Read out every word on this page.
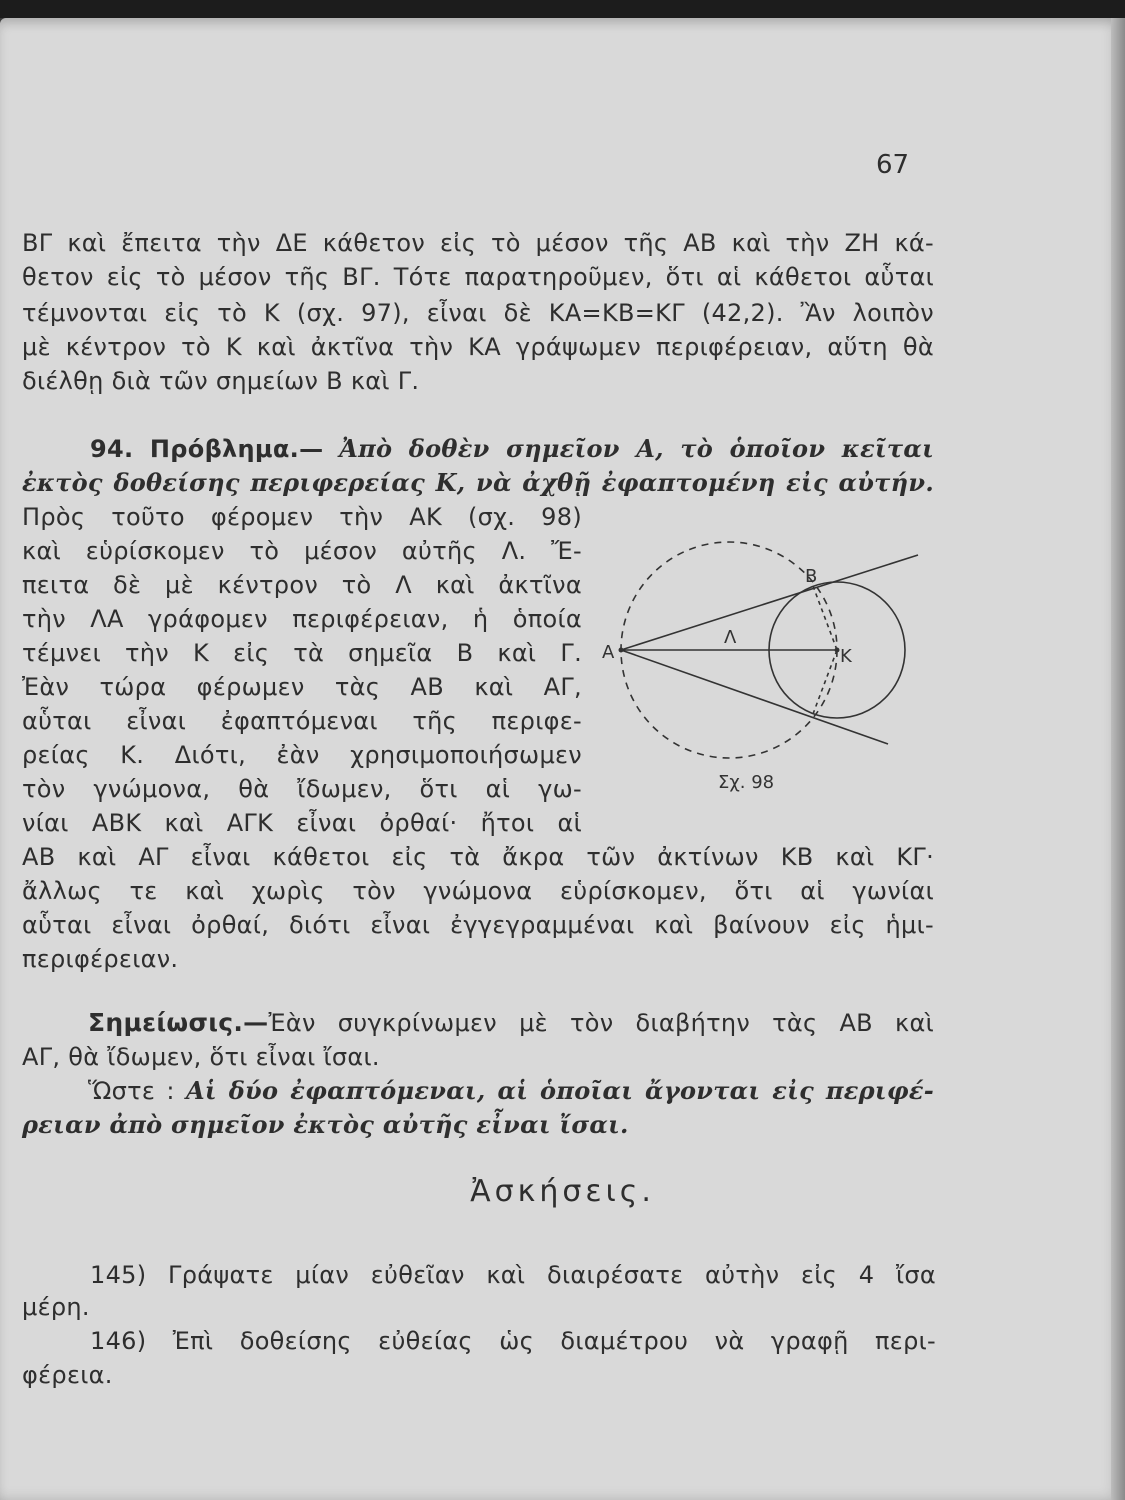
67
ΒΓ καὶ ἔπειτα τὴν ΔΕ κάθετον εἰς τὸ μέσον τῆς ΑΒ καὶ τὴν ΖΗ κά-
θετον εἰς τὸ μέσον τῆς ΒΓ. Τότε παρατηροῦμεν, ὅτι αἱ κάθετοι αὗται
τέμνονται εἰς τὸ Κ (σχ. 97), εἶναι δὲ ΚΑ=ΚΒ=ΚΓ (42,2). Ἂν λοιπὸν
μὲ κέντρον τὸ Κ καὶ ἀκτῖνα τὴν ΚΑ γράψωμεν περιφέρειαν, αὕτη θὰ
διέλθῃ διὰ τῶν σημείων Β καὶ Γ.
94. Πρόβλημα.— Ἀπὸ δοθὲν σημεῖον Α, τὸ ὁποῖον κεῖται
ἐκτὸς δοθείσης περιφερείας Κ, νὰ ἀχθῇ ἐφαπτομένη εἰς αὐτήν.
Πρὸς τοῦτο φέρομεν τὴν ΑΚ (σχ. 98)
καὶ εὑρίσκομεν τὸ μέσον αὐτῆς Λ. Ἔ-
πειτα δὲ μὲ κέντρον τὸ Λ καὶ ἀκτῖνα
τὴν ΛΑ γράφομεν περιφέρειαν, ἡ ὁποία
τέμνει τὴν Κ εἰς τὰ σημεῖα Β καὶ Γ.
Ἐὰν τώρα φέρωμεν τὰς ΑΒ καὶ ΑΓ,
αὗται εἶναι ἐφαπτόμεναι τῆς περιφε-
ρείας Κ. Διότι, ἐὰν χρησιμοποιήσωμεν
τὸν γνώμονα, θὰ ἴδωμεν, ὅτι αἱ γω-
νίαι ΑΒΚ καὶ ΑΓΚ εἶναι ὀρθαί· ἤτοι αἱ
ΑΒ καὶ ΑΓ εἶναι κάθετοι εἰς τὰ ἄκρα τῶν ἀκτίνων ΚΒ καὶ ΚΓ·
ἄλλως τε καὶ χωρὶς τὸν γνώμονα εὑρίσκομεν, ὅτι αἱ γωνίαι
αὗται εἶναι ὀρθαί, διότι εἶναι ἐγγεγραμμέναι καὶ βαίνουν εἰς ἡμι-
περιφέρειαν.
Α
Β
Κ
Λ
Σχ. 98
Σημείωσις.—Ἐὰν συγκρίνωμεν μὲ τὸν διαβήτην τὰς ΑΒ καὶ
ΑΓ, θὰ ἴδωμεν, ὅτι εἶναι ἴσαι.
Ὥστε : Αἱ δύο ἐφαπτόμεναι, αἱ ὁποῖαι ἄγονται εἰς περιφέ-
ρειαν ἀπὸ σημεῖον ἐκτὸς αὐτῆς εἶναι ἴσαι.
Ἀσκήσεις.
145) Γράψατε μίαν εὐθεῖαν καὶ διαιρέσατε αὐτὴν εἰς 4 ἴσα
μέρη.
146) Ἐπὶ δοθείσης εὐθείας ὡς διαμέτρου νὰ γραφῇ περι-
φέρεια.
